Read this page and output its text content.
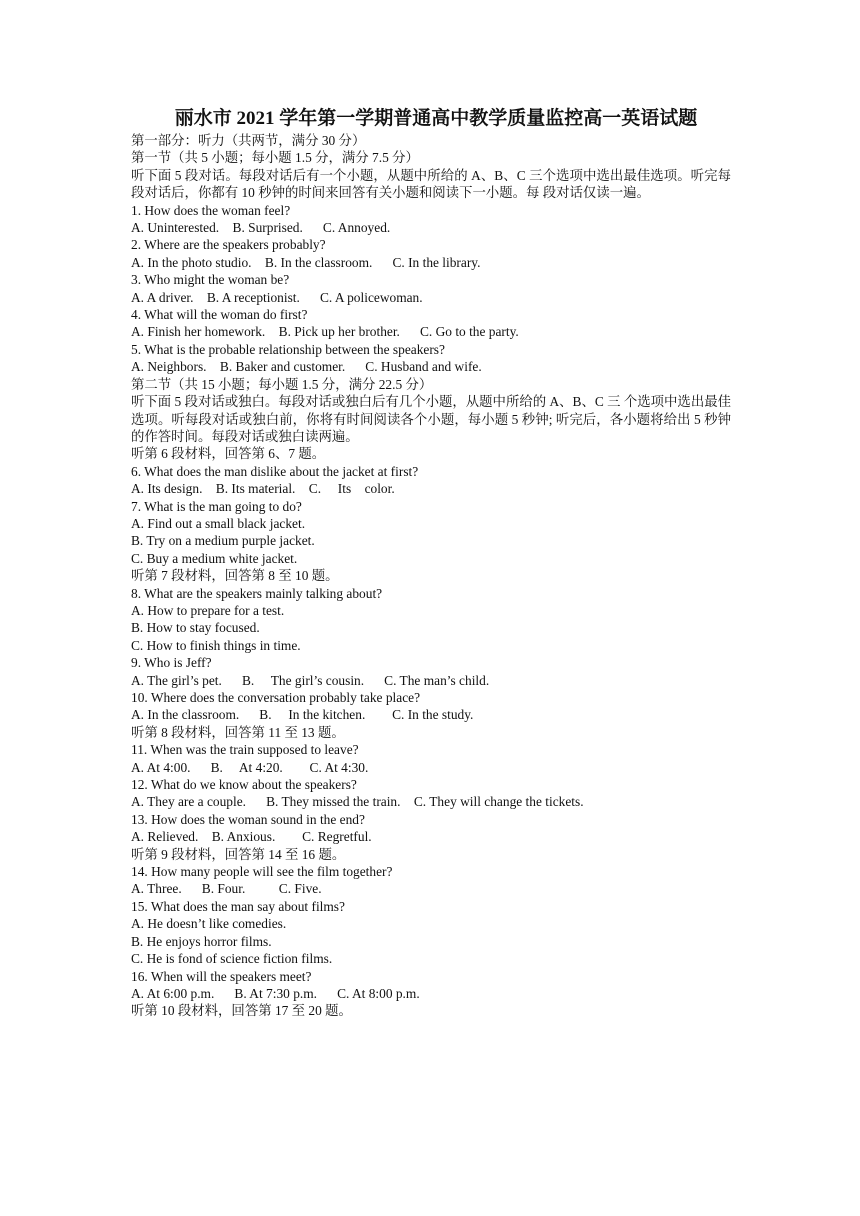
丽水市 2021 学年第一学期普通高中教学质量监控高一英语试题
第一部分：听力（共两节，满分 30 分）
第一节（共 5 小题；每小题 1.5 分，满分 7.5 分）
听下面 5 段对话。每段对话后有一个小题，从题中所给的 A、B、C 三个选项中选出最佳选项。听完每段对话后，你都有 10 秒钟的时间来回答有关小题和阅读下一小题。每 段对话仅读一遍。
1. How does the woman feel?
A. Uninterested.    B. Surprised.      C. Annoyed.
2. Where are the speakers probably?
A. In the photo studio.    B. In the classroom.      C. In the library.
3. Who might the woman be?
A. A driver.    B. A receptionist.      C. A policewoman.
4. What will the woman do first?
A. Finish her homework.    B. Pick up her brother.      C. Go to the party.
5. What is the probable relationship between the speakers?
A. Neighbors.    B. Baker and customer.      C. Husband and wife.
第二节（共 15 小题；每小题 1.5 分，满分 22.5 分）
听下面 5 段对话或独白。每段对话或独白后有几个小题，从题中所给的 A、B、C 三 个选项中选出最佳选项。听每段对话或独白前，你将有时间阅读各个小题，每小题 5 秒钟; 听完后，各小题将给出 5 秒钟的作答时间。每段对话或独白读两遍。
听第 6 段材料，回答第 6、7 题。
6. What does the man dislike about the jacket at first?
A. Its design.    B. Its material.    C.     Its    color.
7. What is the man going to do?
A. Find out a small black jacket.
B. Try on a medium purple jacket.
C. Buy a medium white jacket.
听第 7 段材料，回答第 8 至 10 题。
8. What are the speakers mainly talking about?
A. How to prepare for a test.
B. How to stay focused.
C. How to finish things in time.
9. Who is Jeff?
A. The girl’s pet.      B.     The girl’s cousin.      C. The man’s child.
10. Where does the conversation probably take place?
A. In the classroom.      B.     In the kitchen.        C. In the study.
听第 8 段材料，回答第 11 至 13 题。
11. When was the train supposed to leave?
A. At 4:00.      B.     At 4:20.        C. At 4:30.
12. What do we know about the speakers?
A. They are a couple.      B. They missed the train.    C. They will change the tickets.
13. How does the woman sound in the end?
A. Relieved.    B. Anxious.        C. Regretful.
听第 9 段材料，回答第 14 至 16 题。
14. How many people will see the film together?
A. Three.      B. Four.          C. Five.
15. What does the man say about films?
A. He doesn’t like comedies.
B. He enjoys horror films.
C. He is fond of science fiction films.
16. When will the speakers meet?
A. At 6:00 p.m.      B. At 7:30 p.m.      C. At 8:00 p.m.
听第 10 段材料，回答第 17 至 20 题。
